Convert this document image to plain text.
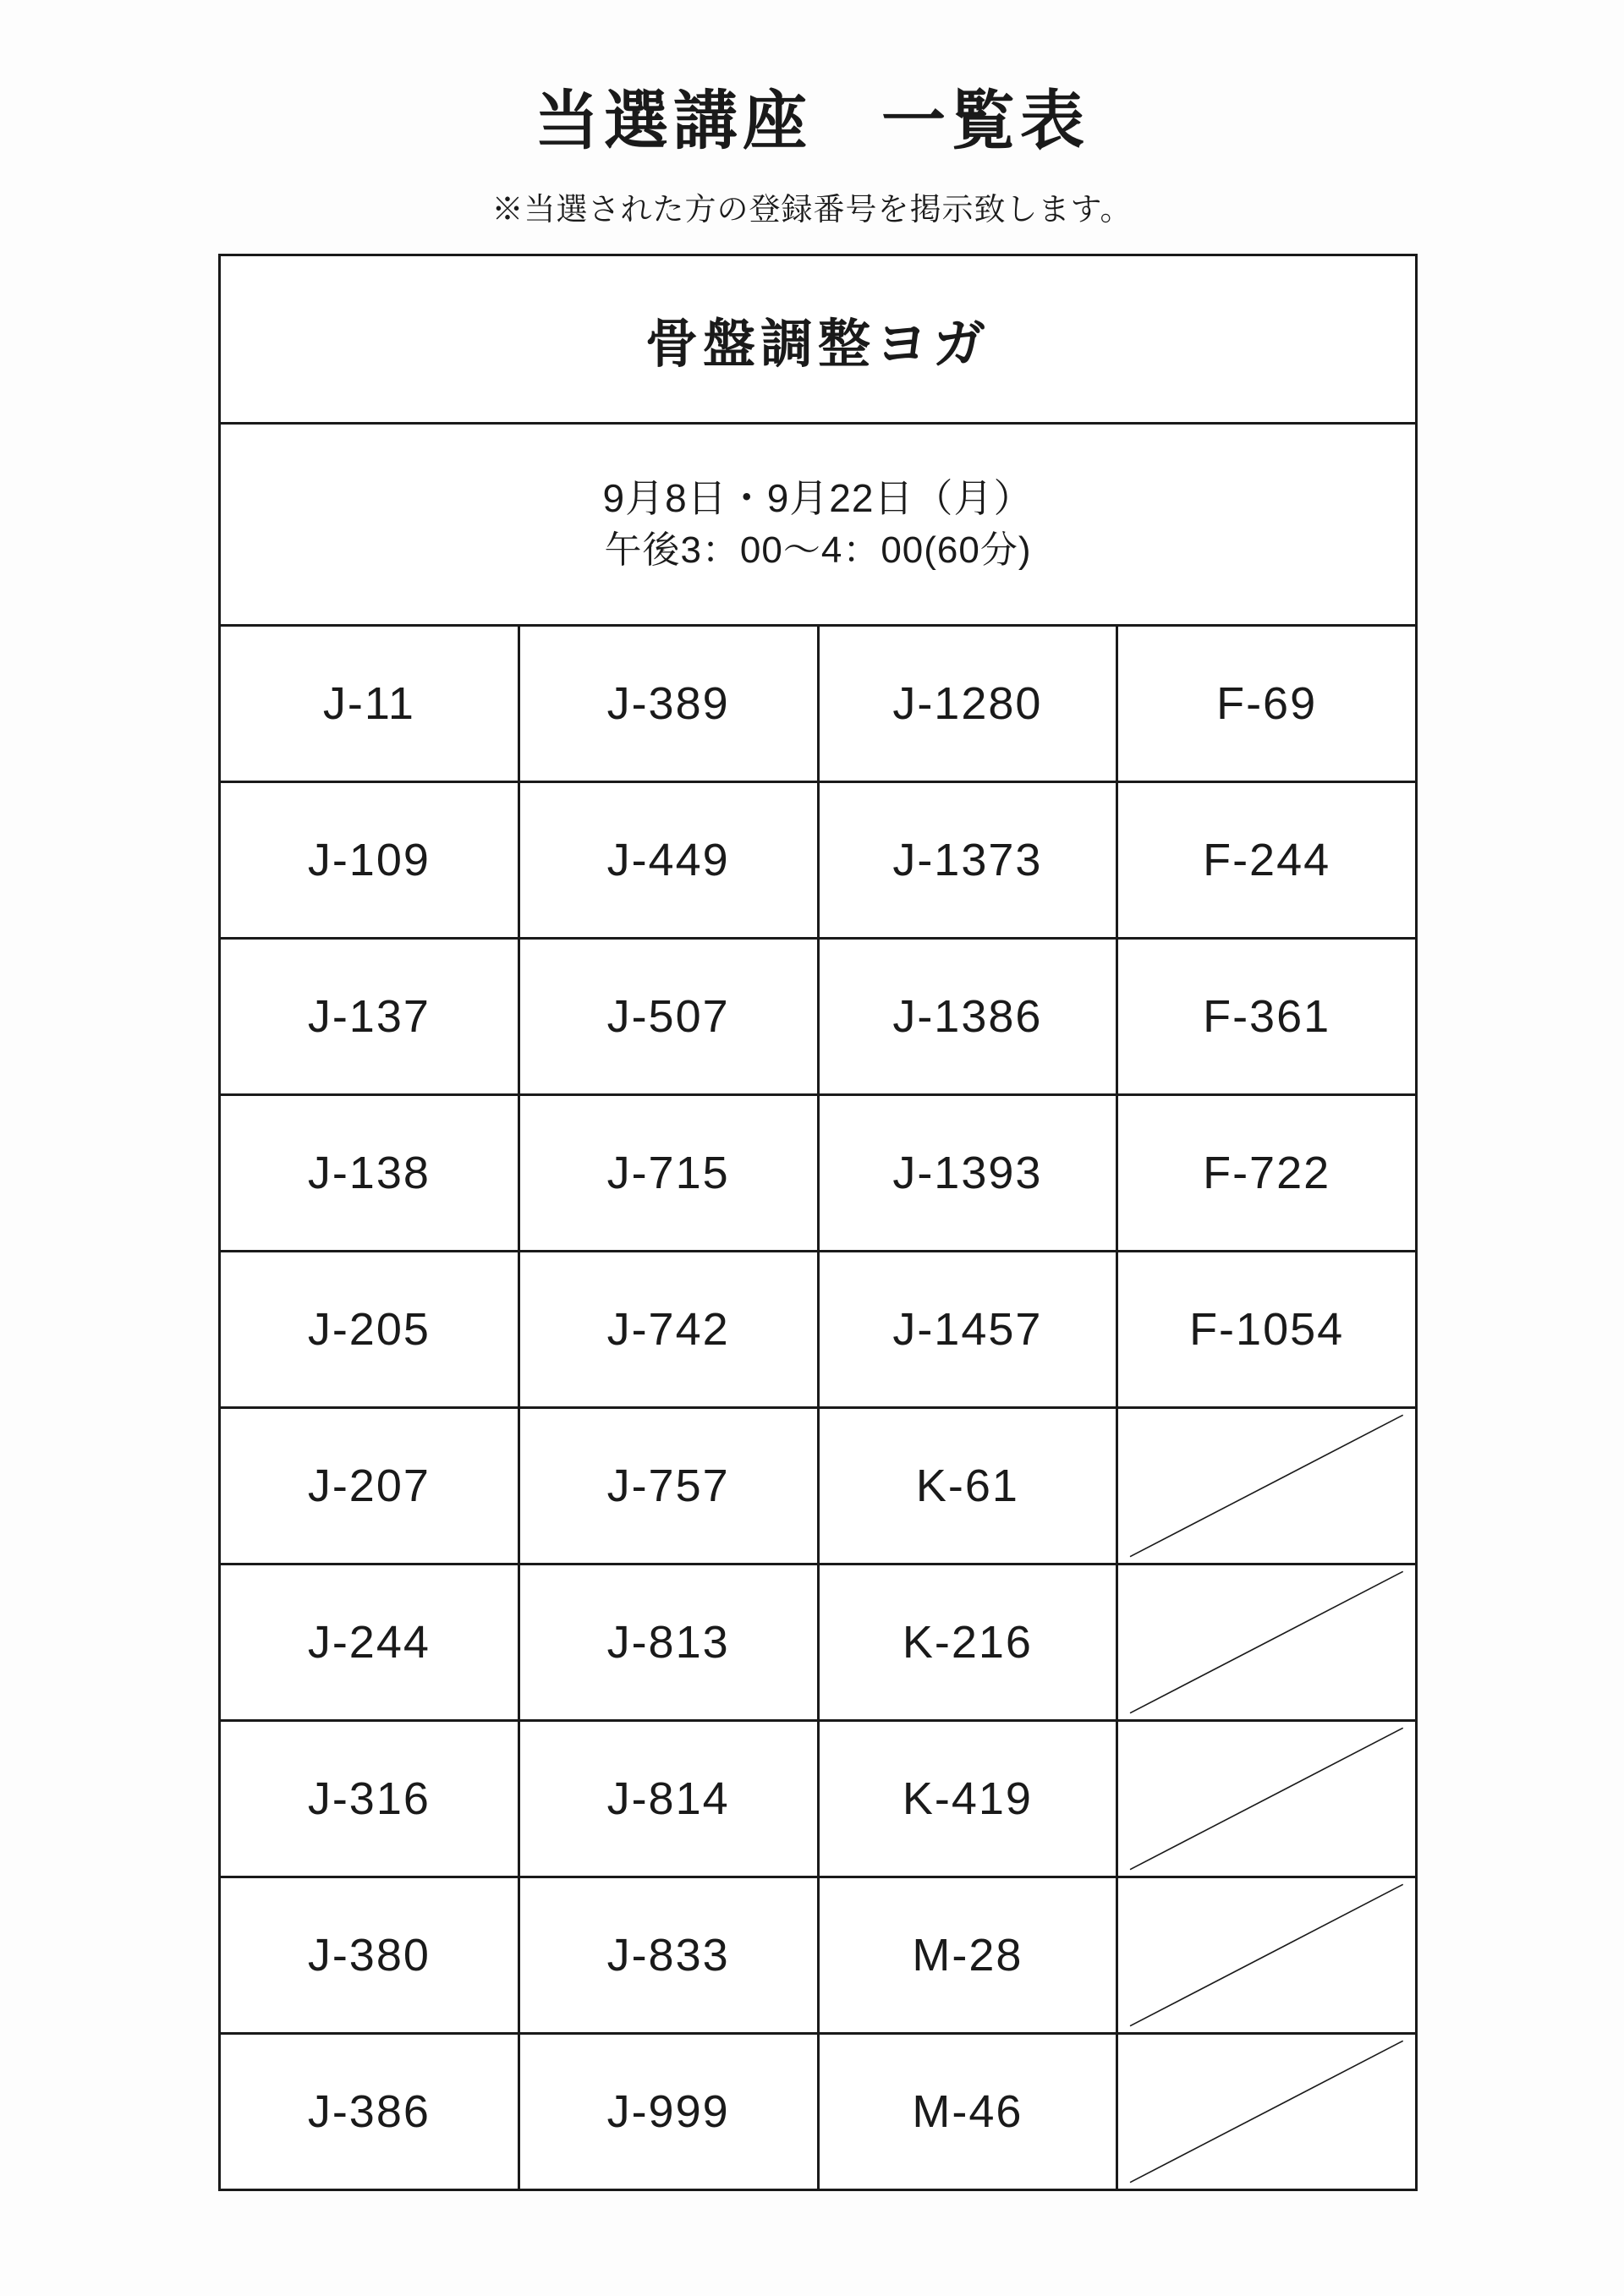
当選講座　一覧表

※当選された方の登録番号を掲示致します。

骨盤調整ヨガ			

9月8日・9月22日（月）
午後3：00〜4：00(60分)			

J-11	J-389	J-1280	F-69
J-109	J-449	J-1373	F-244
J-137	J-507	J-1386	F-361
J-138	J-715	J-1393	F-722
J-205	J-742	J-1457	F-1054
J-207	J-757	K-61	

J-244	J-813	K-216	

J-316	J-814	K-419	

J-380	J-833	M-28	

J-386	J-999	M-46	
